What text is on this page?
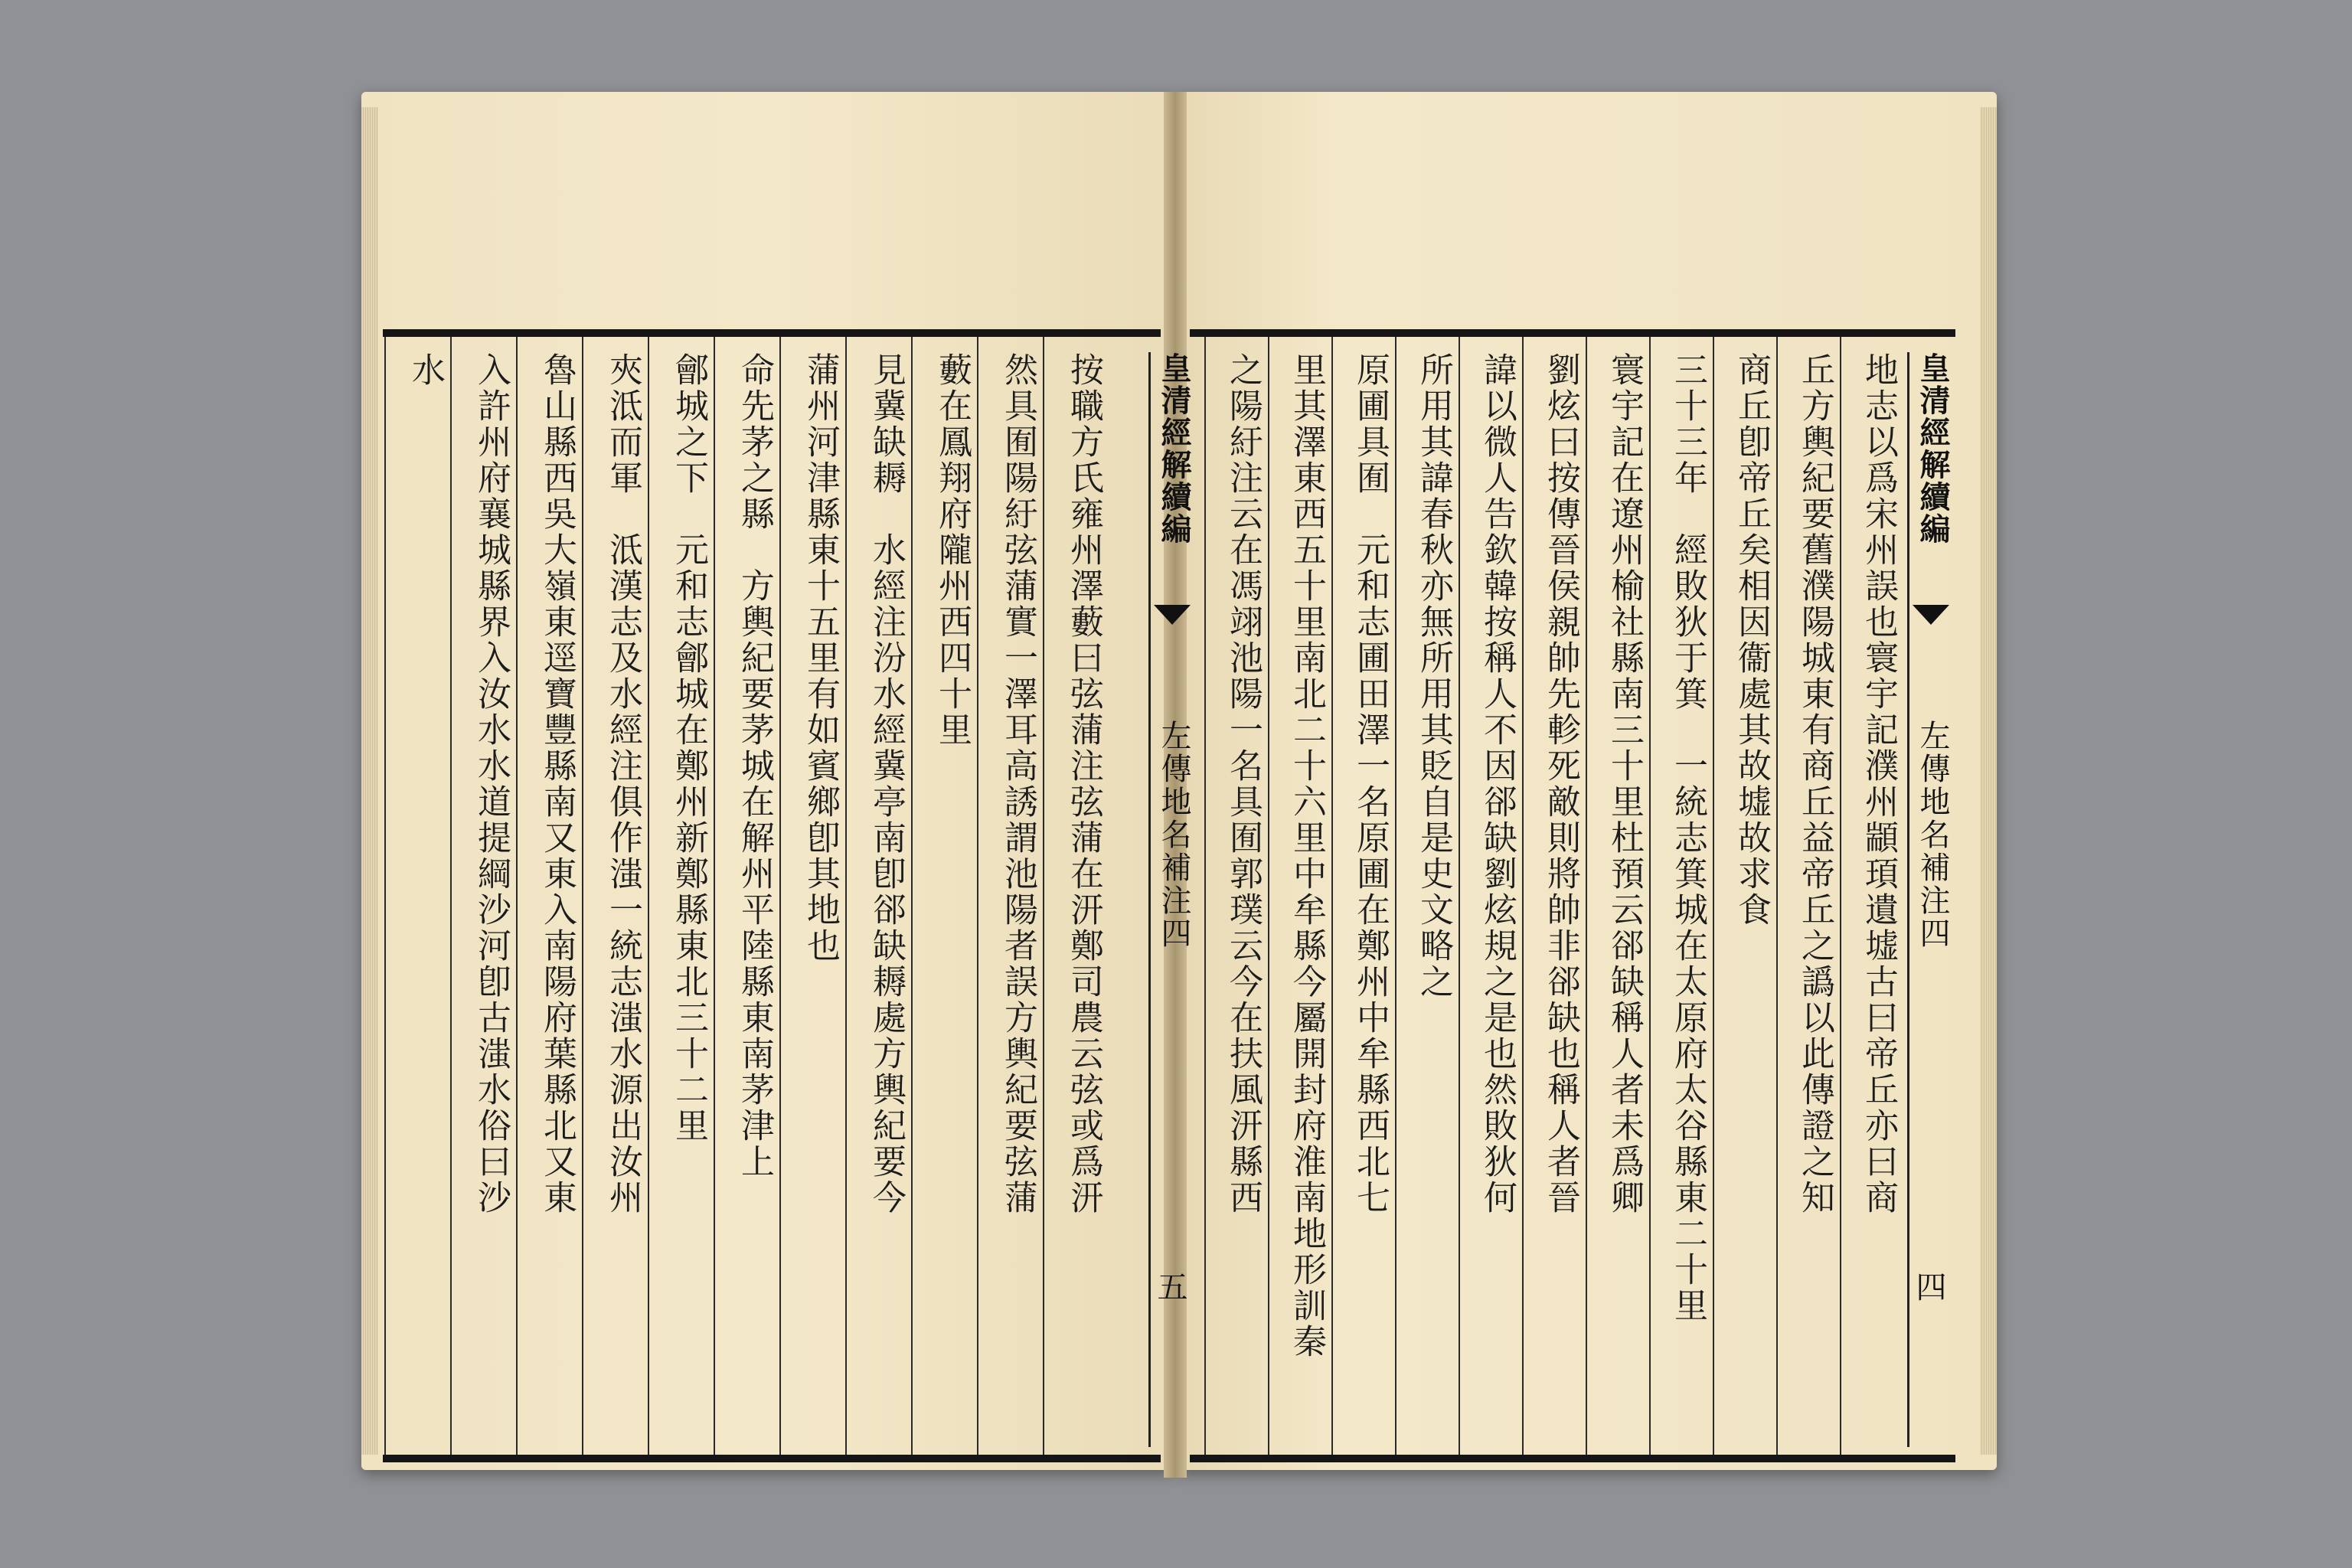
皇清經解續編
左傳地名補注四
五
按職方氏雍州澤藪曰弦蒲注弦蒲在汧鄭司農云弦或爲汧
然具囿陽紆弦蒲實一澤耳高誘謂池陽者誤方輿紀要弦蒲
藪在鳳翔府隴州西四十里
見冀缺耨　水經注汾水經冀亭南卽郤缺耨處方輿紀要今
蒲州河津縣東十五里有如賓鄉卽其地也
命先茅之縣　方輿紀要茅城在解州平陸縣東南茅津上
鄶城之下　元和志鄶城在鄭州新鄭縣東北三十二里
夾泜而軍　泜漢志及水經注俱作滍一統志滍水源出汝州
魯山縣西吳大嶺東逕寶豐縣南又東入南陽府葉縣北又東
入許州府襄城縣界入汝水水道提綱沙河卽古滍水俗曰沙
水	皇清經解續編
左傳地名補注四
四
地志以爲宋州誤也寰宇記濮州顓頊遺墟古曰帝丘亦曰商
丘方輿紀要舊濮陽城東有商丘益帝丘之譌以此傳證之知
商丘卽帝丘矣相因衞處其故墟故求食
三十三年　經敗狄于箕　一統志箕城在太原府太谷縣東二十里
寰宇記在遼州榆社縣南三十里杜預云郤缺稱人者未爲卿
劉炫曰按傳晉侯親帥先軫死敵則將帥非郤缺也稱人者晉
諱以微人告欽韓按稱人不因郤缺劉炫規之是也然敗狄何
所用其諱春秋亦無所用其貶自是史文略之
原圃具囿　元和志圃田澤一名原圃在鄭州中牟縣西北七
里其澤東西五十里南北二十六里中牟縣今屬開封府淮南地形訓秦
之陽紆注云在馮翊池陽一名具囿郭璞云今在扶風汧縣西
